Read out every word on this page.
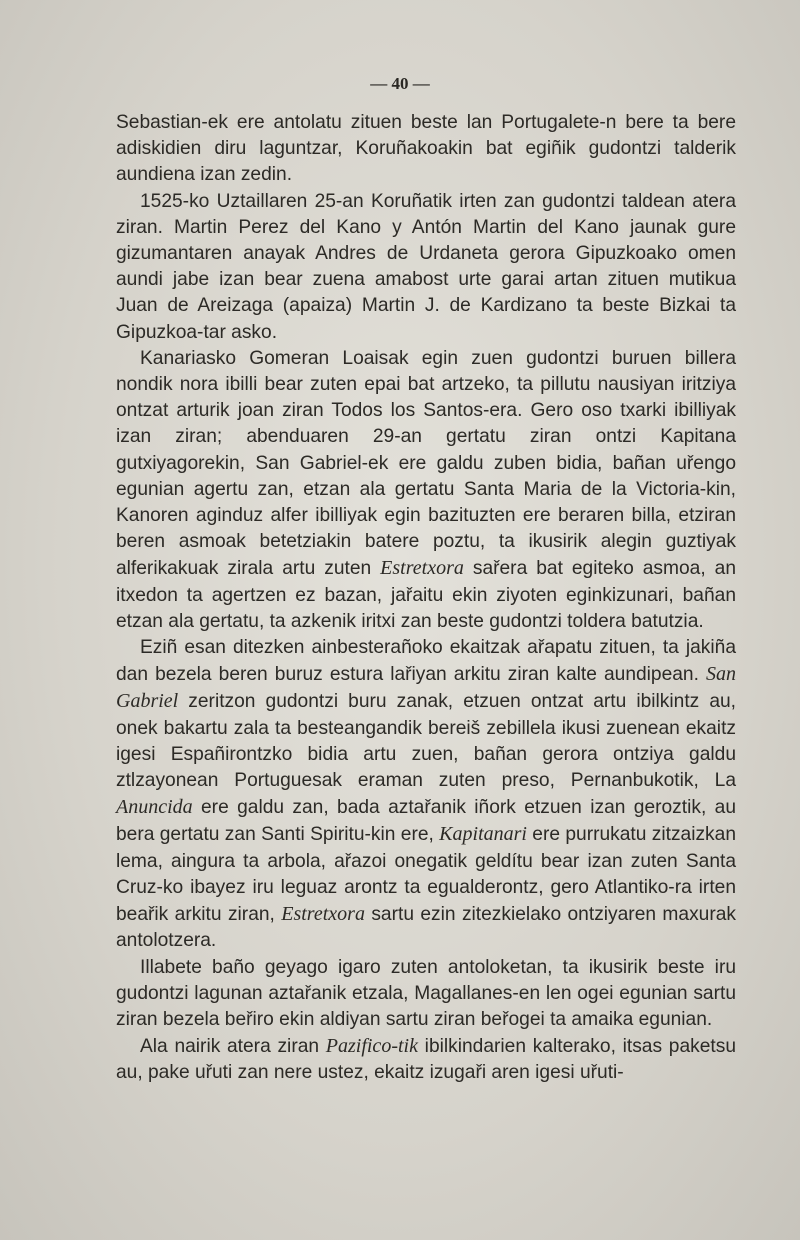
— 40 —

Sebastian-ek ere antolatu zituen beste lan Portugalete-n bere ta bere adiskidien diru laguntzar, Koruñakoakin bat egiñik gudontzi talderik aundiena izan zedin.

1525-ko Uztaillaren 25-an Koruñatik irten zan gudontzi taldean atera ziran. Martin Perez del Kano y Antón Martin del Kano jaunak gure gizumantaren anayak Andres de Urdaneta gerora Gipuzkoako omen aundi jabe izan bear zuena amabost urte garai artan zituen mutikua Juan de Areizaga (apaiza) Martin J. de Kardizano ta beste Bizkai ta Gipuzkoa-tar asko.

Kanariasko Gomeran Loaisak egin zuen gudontzi buruen billera nondik nora ibilli bear zuten epai bat artzeko, ta pillutu nausiyan iritziya ontzat arturik joan ziran Todos los Santos-era. Gero oso txarki ibilliyak izan ziran; abenduaren 29-an gertatu ziran ontzi Kapitana gutxiyagorekin, San Gabriel-ek ere galdu zuben bidia, bañan uřengo egunian agertu zan, etzan ala gertatu Santa Maria de la Victoria-kin, Kanoren aginduz alfer ibilliyak egin bazituzten ere beraren billa, etziran beren asmoak betetziakin batere poztu, ta ikusirik alegin guztiyak alferikakuak zirala artu zuten Estretxora sařera bat egiteko asmoa, an itxedon ta agertzen ez bazan, jařaitu ekin ziyoten eginkizunari, bañan etzan ala gertatu, ta azkenik iritxi zan beste gudontzi toldera batutzia.

Eziñ esan ditezken ainbesterañoko ekaitzak ařapatu zituen, ta jakiña dan bezela beren buruz estura lařiyan arkitu ziran kalte aundipean. San Gabriel zeritzon gudontzi buru zanak, etzuen ontzat artu ibilkintz au, onek bakartu zala ta besteangandik bereiš zebillela ikusi zuenean ekaitz igesi Españirontzko bidia artu zuen, bañan gerora ontziya galdu ztlzayonean Portuguesak eraman zuten preso, Pernanbukotik, La Anuncida ere galdu zan, bada aztařanik iñork etzuen izan geroztik, au bera gertatu zan Santi Spiritu-kin ere, Kapitanari ere purrukatu zitzaizkan lema, aingura ta arbola, ařazoi onegatik geldítu bear izan zuten Santa Cruz-ko ibayez iru leguaz arontz ta egualderontz, gero Atlantiko-ra irten beařik arkitu ziran, Estretxora sartu ezin zitezkielako ontziyaren maxurak antolotzera.

Illabete baño geyago igaro zuten antoloketan, ta ikusirik beste iru gudontzi lagunan aztařanik etzala, Magallanes-en len ogei egunian sartu ziran bezela beřiro ekin aldiyan sartu ziran beřogei ta amaika egunian.

Ala nairik atera ziran Pazifico-tik ibilkindarien kalterako, itsas paketsu au, pake uřuti zan nere ustez, ekaitz izugaři aren igesi uřuti-
